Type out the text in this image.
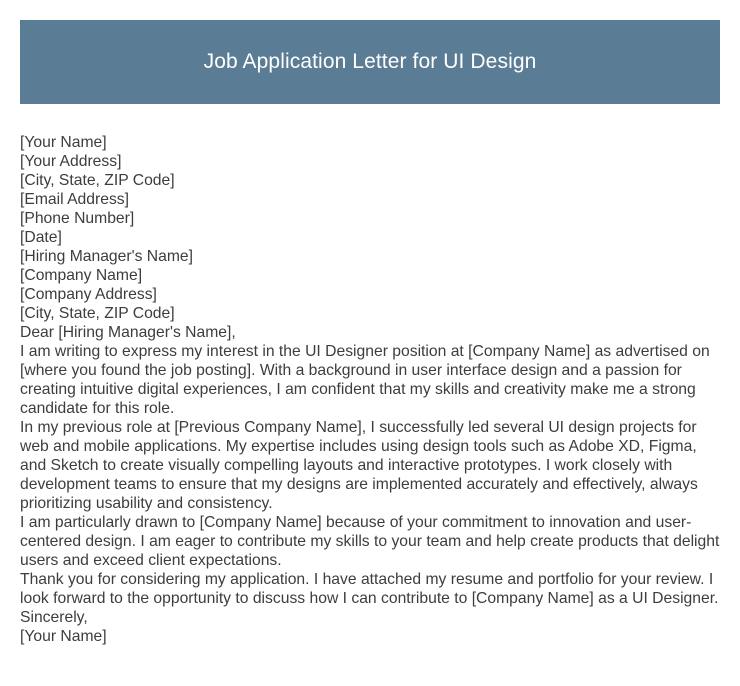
Job Application Letter for UI Design
[Your Name]
[Your Address]
[City, State, ZIP Code]
[Email Address]
[Phone Number]
[Date]
[Hiring Manager's Name]
[Company Name]
[Company Address]
[City, State, ZIP Code]
Dear [Hiring Manager's Name],
I am writing to express my interest in the UI Designer position at [Company Name] as advertised on [where you found the job posting]. With a background in user interface design and a passion for creating intuitive digital experiences, I am confident that my skills and creativity make me a strong candidate for this role.
In my previous role at [Previous Company Name], I successfully led several UI design projects for web and mobile applications. My expertise includes using design tools such as Adobe XD, Figma, and Sketch to create visually compelling layouts and interactive prototypes. I work closely with development teams to ensure that my designs are implemented accurately and effectively, always prioritizing usability and consistency.
I am particularly drawn to [Company Name] because of your commitment to innovation and user-centered design. I am eager to contribute my skills to your team and help create products that delight users and exceed client expectations.
Thank you for considering my application. I have attached my resume and portfolio for your review. I look forward to the opportunity to discuss how I can contribute to [Company Name] as a UI Designer.
Sincerely,
[Your Name]
